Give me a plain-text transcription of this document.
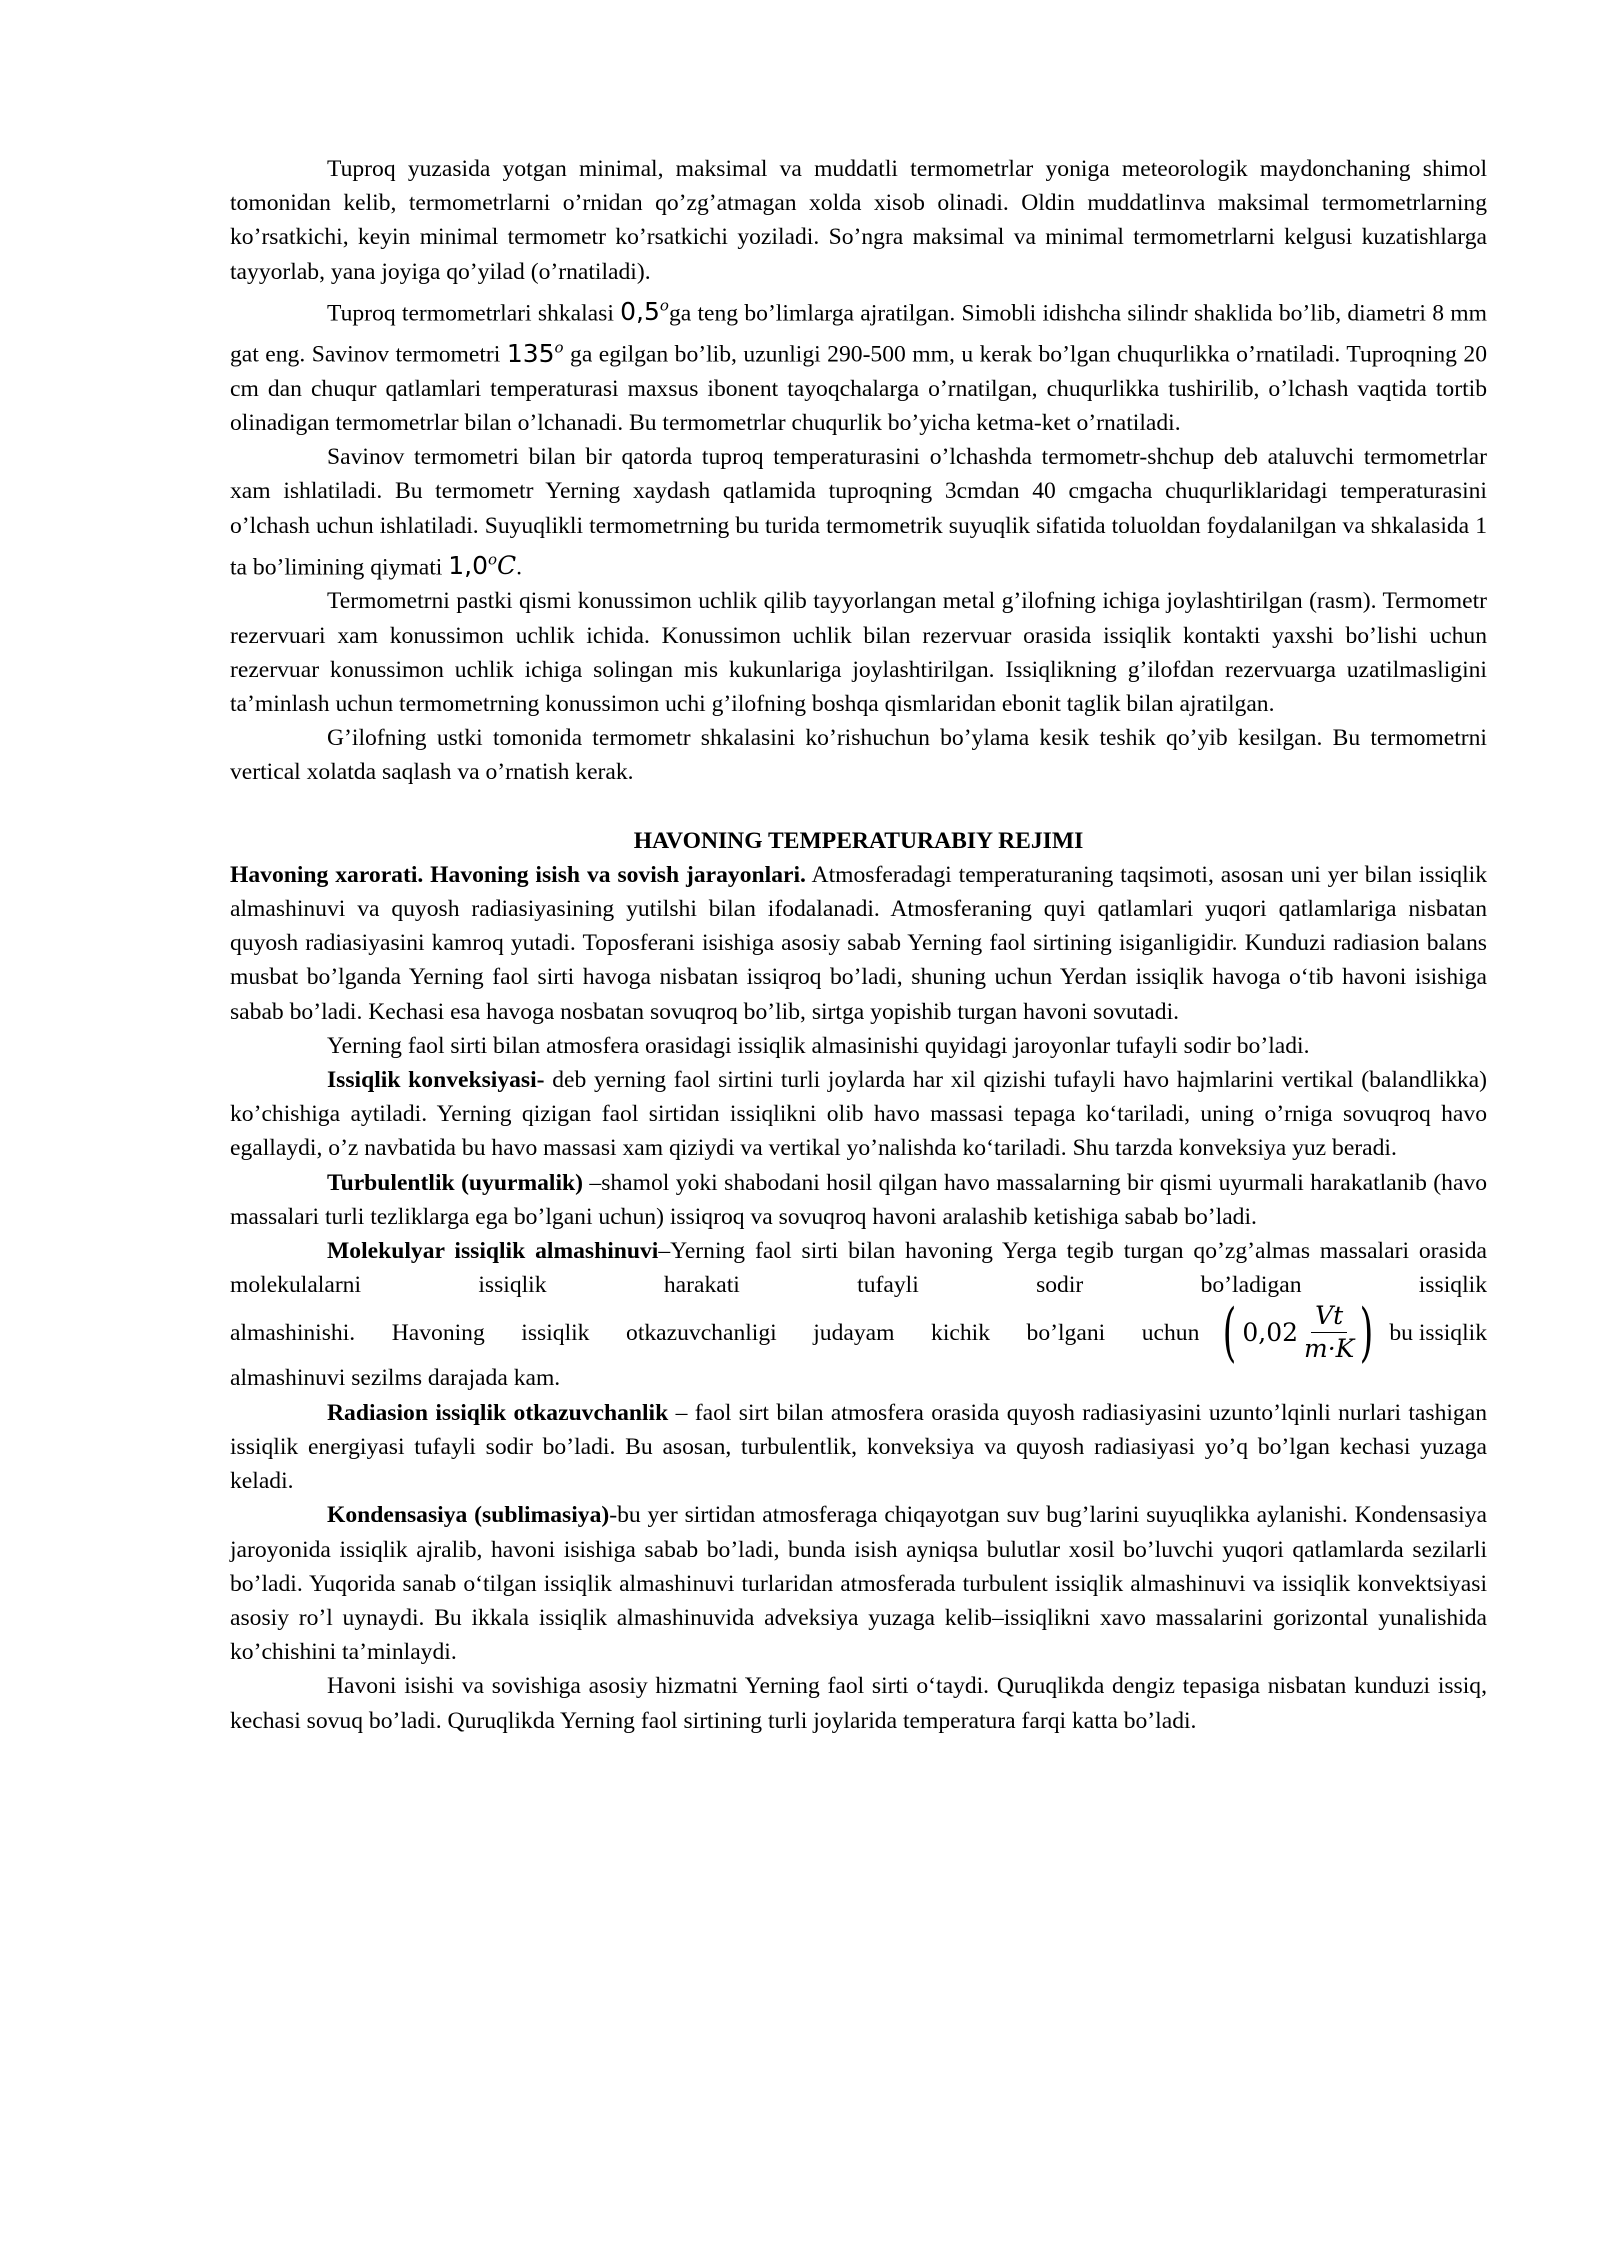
Tuproq yuzasida yotgan minimal, maksimal va muddatli termometrlar yoniga meteorologik maydonchaning shimol tomonidan kelib, termometrlarni o’rnidan qo’zg’atmagan xolda xisob olinadi. Oldin muddatlinva maksimal termometrlarning ko’rsatkichi, keyin minimal termometr ko’rsatkichi yoziladi. So’ngra maksimal va minimal termometrlarni kelgusi kuzatishlarga tayyorlab, yana joyiga qo’yilad (o’rnatiladi).

Tuproq termometrlari shkalasi 0,5$^o$ga teng bo’limlarga ajratilgan. Simobli idishcha silindr shaklida bo’lib, diametri 8 mm gat eng. Savinov termometri 135$^o$ ga egilgan bo’lib, uzunligi 290-500 mm, u kerak bo’lgan chuqurlikka o’rnatiladi. Tuproqning 20 cm dan chuqur qatlamlari temperaturasi maxsus ibonent tayoqchalarga o’rnatilgan, chuqurlikka tushirilib, o’lchash vaqtida tortib olinadigan termometrlar bilan o’lchanadi. Bu termometrlar chuqurlik bo’yicha ketma-ket o’rnatiladi.

Savinov termometri bilan bir qatorda tuproq temperaturasini o’lchashda termometr-shchup deb ataluvchi termometrlar xam ishlatiladi. Bu termometr Yerning xaydash qatlamida tuproqning 3cmdan 40 cmgacha chuqurliklaridagi temperaturasini o’lchash uchun ishlatiladi. Suyuqlikli termometrning bu turida termometrik suyuqlik sifatida toluoldan foydalanilgan va shkalasida 1 ta bo’limining qiymati 1,0$^o$C.

Termometrni pastki qismi konussimon uchlik qilib tayyorlangan metal g’ilofning ichiga joylashtirilgan (rasm). Termometr rezervuari xam konussimon uchlik ichida. Konussimon uchlik bilan rezervuar orasida issiqlik kontakti yaxshi bo’lishi uchun rezervuar konussimon uchlik ichiga solingan mis kukunlariga joylashtirilgan. Issiqlikning g’ilofdan rezervuarga uzatilmasligini ta’minlash uchun termometrning konussimon uchi g’ilofning boshqa qismlaridan ebonit taglik bilan ajratilgan.

G’ilofning ustki tomonida termometr shkalasini ko’rishuchun bo’ylama kesik teshik qo’yib kesilgan. Bu termometrni vertical xolatda saqlash va o’rnatish kerak.

HAVONING TEMPERATURABIY REJIMI

Havoning xarorati. Havoning isish va sovish jarayonlari. Atmosferadagi temperaturaning taqsimoti, asosan uni yer bilan issiqlik almashinuvi va quyosh radiasiyasining yutilshi bilan ifodalanadi. Atmosferaning quyi qatlamlari yuqori qatlamlariga nisbatan quyosh radiasiyasini kamroq yutadi. Toposferani isishiga asosiy sabab Yerning faol sirtining isiganligidir. Kunduzi radiasion balans musbat bo’lganda Yerning faol sirti havoga nisbatan issiqroq bo’ladi, shuning uchun Yerdan issiqlik havoga o‘tib havoni isishiga sabab bo’ladi. Kechasi esa havoga nosbatan sovuqroq bo’lib, sirtga yopishib turgan havoni sovutadi.

Yerning faol sirti bilan atmosfera orasidagi issiqlik almasinishi quyidagi jaroyonlar tufayli sodir bo’ladi.

Issiqlik konveksiyasi- deb yerning faol sirtini turli joylarda har xil qizishi tufayli havo hajmlarini vertikal (balandlikka) ko’chishiga aytiladi. Yerning qizigan faol sirtidan issiqlikni olib havo massasi tepaga ko‘tariladi, uning o’rniga sovuqroq havo egallaydi, o’z navbatida bu havo massasi xam qiziydi va vertikal yo’nalishda ko‘tariladi. Shu tarzda konveksiya yuz beradi.

Turbulentlik (uyurmalik) –shamol yoki shabodani hosil qilgan havo massalarning bir qismi uyurmali harakatlanib (havo massalari turli tezliklarga ega bo’lgani uchun) issiqroq va sovuqroq havoni aralashib ketishiga sabab bo’ladi.

Molekulyar issiqlik almashinuvi–Yerning faol sirti bilan havoning Yerga tegib turgan qo’zg’almas massalari orasida molekulalarni issiqlik harakati tufayli sodir bo’ladigan issiqlik

almashinishi. Havoning issiqlik otkazuvchanligi judayam kichik bo’lgani uchun ( $0,02 \frac{Vt}{m\cdot K}$ ) bu issiqlik

almashinuvi sezilms darajada kam.

Radiasion issiqlik otkazuvchanlik – faol sirt bilan atmosfera orasida quyosh radiasiyasini uzunto’lqinli nurlari tashigan issiqlik energiyasi tufayli sodir bo’ladi. Bu asosan, turbulentlik, konveksiya va quyosh radiasiyasi yo’q bo’lgan kechasi yuzaga keladi.

Kondensasiya (sublimasiya)-bu yer sirtidan atmosferaga chiqayotgan suv bug’larini suyuqlikka aylanishi. Kondensasiya jaroyonida issiqlik ajralib, havoni isishiga sabab bo’ladi, bunda isish ayniqsa bulutlar xosil bo’luvchi yuqori qatlamlarda sezilarli bo’ladi. Yuqorida sanab o‘tilgan issiqlik almashinuvi turlaridan atmosferada turbulent issiqlik almashinuvi va issiqlik konvektsiyasi asosiy ro’l uynaydi. Bu ikkala issiqlik almashinuvida adveksiya yuzaga kelib–issiqlikni xavo massalarini gorizontal yunalishida ko’chishini ta’minlaydi.

Havoni isishi va sovishiga asosiy hizmatni Yerning faol sirti o‘taydi. Quruqlikda dengiz tepasiga nisbatan kunduzi issiq, kechasi sovuq bo’ladi. Quruqlikda Yerning faol sirtining turli joylarida temperatura farqi katta bo’ladi.
